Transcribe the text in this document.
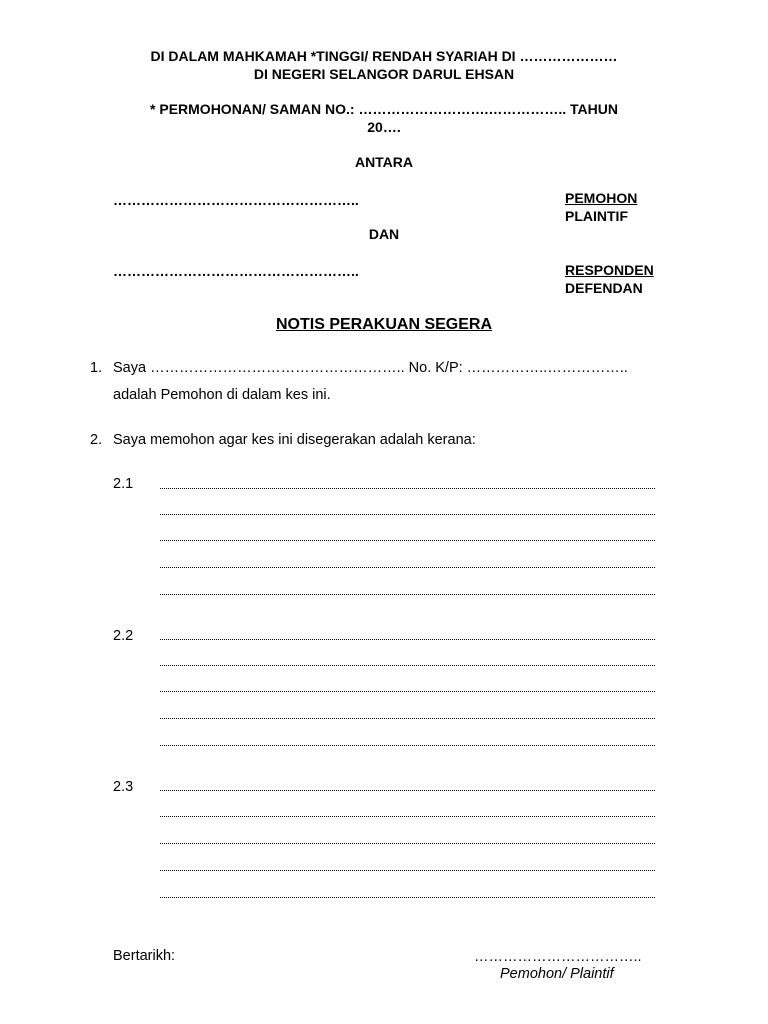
DI DALAM MAHKAMAH *TINGGI/ RENDAH SYARIAH DI …………………
DI NEGERI SELANGOR DARUL EHSAN
* PERMOHONAN/ SAMAN NO.: ……………………….…………….. TAHUN
20….
ANTARA
……………………………………………..	PEMOHON
PLAINTIF
DAN
……………………………………………..	RESPONDEN
DEFENDAN
NOTIS PERAKUAN SEGERA
1. Saya …………………………………………….. No. K/P: ……………..……………..
adalah Pemohon di dalam kes ini.
2. Saya memohon agar kes ini disegerakan adalah kerana:
2.1
2.2
2.3
Bertarikh:	……………………………..
Pemohon/ Plaintif
